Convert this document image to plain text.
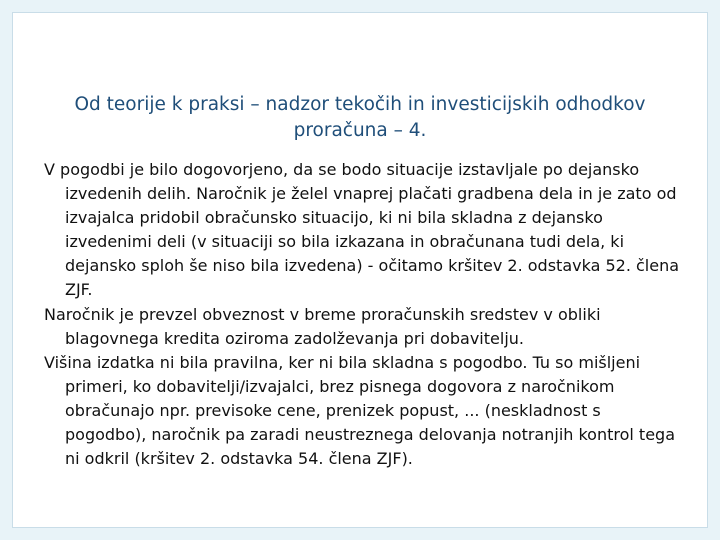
Od teorije k praksi – nadzor tekočih in investicijskih odhodkov
proračuna – 4.

V pogodbi je bilo dogovorjeno, da se bodo situacije izstavljale po dejansko izvedenih delih. Naročnik je želel vnaprej plačati gradbena dela in je zato od izvajalca pridobil obračunsko situacijo, ki ni bila skladna z dejansko izvedenimi deli (v situaciji so bila izkazana in obračunana tudi dela, ki dejansko sploh še niso bila izvedena) - očitamo kršitev 2. odstavka 52. člena ZJF.

Naročnik je prevzel obveznost v breme proračunskih sredstev v obliki blagovnega kredita oziroma zadolževanja pri dobavitelju.

Višina izdatka ni bila pravilna, ker ni bila skladna s pogodbo. Tu so mišljeni primeri, ko dobavitelji/izvajalci, brez pisnega dogovora z naročnikom obračunajo npr. previsoke cene, prenizek popust, ... (neskladnost s pogodbo), naročnik pa zaradi neustreznega delovanja notranjih kontrol tega ni odkril (kršitev 2. odstavka 54. člena ZJF).
